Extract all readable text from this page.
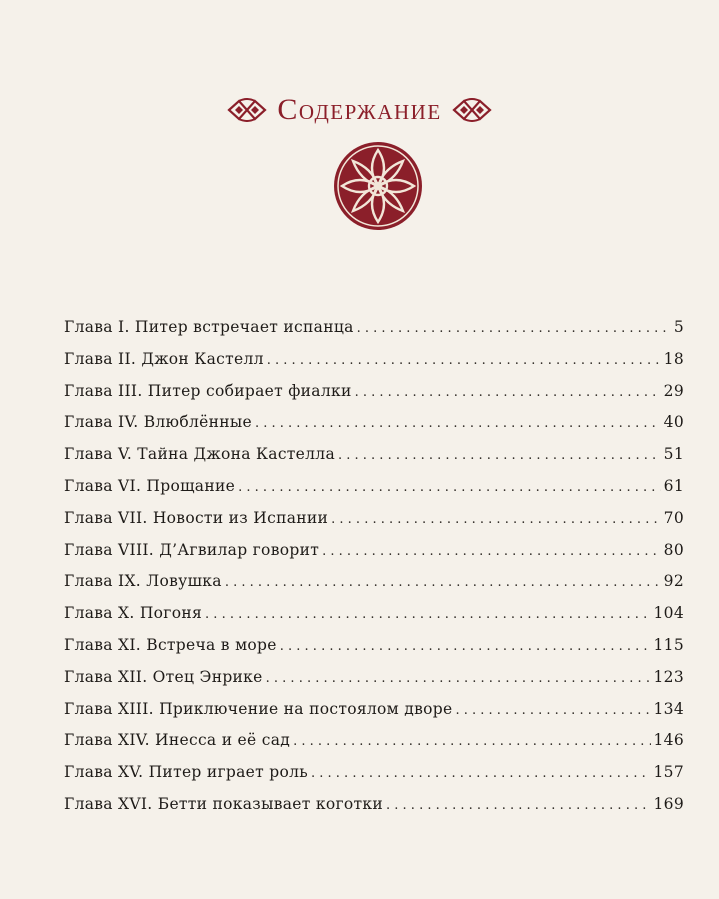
Содержание
Глава I. Питер встречает испанца . . .	5
Глава II. Джон Кастелл . . .	18
Глава III. Питер собирает фиалки . . .	29
Глава IV. Влюблённые . . .	40
Глава V. Тайна Джона Кастелла . . .	51
Глава VI. Прощание . . .	61
Глава VII. Новости из Испании . . .	70
Глава VIII. Д’Агвилар говорит . . .	80
Глава IX. Ловушка . . .	92
Глава X. Погоня . . .	104
Глава XI. Встреча в море . . .	115
Глава XII. Отец Энрике . . .	123
Глава XIII. Приключение на постоялом дворе . . .	134
Глава XIV. Инесса и её сад . . .	146
Глава XV. Питер играет роль . . .	157
Глава XVI. Бетти показывает коготки . . .	169
